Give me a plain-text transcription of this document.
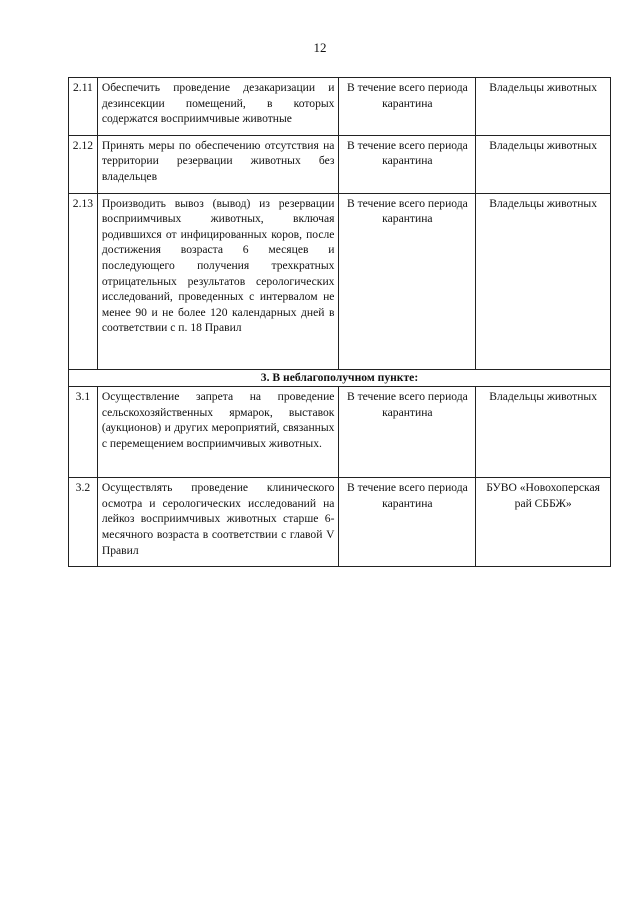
12
2.11	Обеспечить проведение дезакаризации и дезинсекции помещений, в которых содержатся восприимчивые животные	В течение всего периода карантина	Владельцы животных
2.12	Принять меры по обеспечению отсутствия на территории резервации животных без владельцев	В течение всего периода карантина	Владельцы животных
2.13	Производить вывоз (вывод) из резервации восприимчивых животных, включая родившихся от инфицированных коров, после достижения возраста 6 месяцев и последующего получения трехкратных отрицательных результатов серологических исследований, проведенных с интервалом не менее 90 и не более 120 календарных дней в соответствии с п. 18 Правил	В течение всего периода карантина	Владельцы животных
3. В неблагополучном пункте:			
3.1	Осуществление запрета на проведение сельскохозяйственных ярмарок, выставок (аукционов) и других мероприятий, связанных с перемещением восприимчивых животных.	В течение всего периода карантина	Владельцы животных
3.2	Осуществлять проведение клинического осмотра и серологических исследований на лейкоз восприимчивых животных старше 6-месячного возраста в соответствии с главой V Правил	В течение всего периода карантина	БУВО «Новохоперская рай СББЖ»
